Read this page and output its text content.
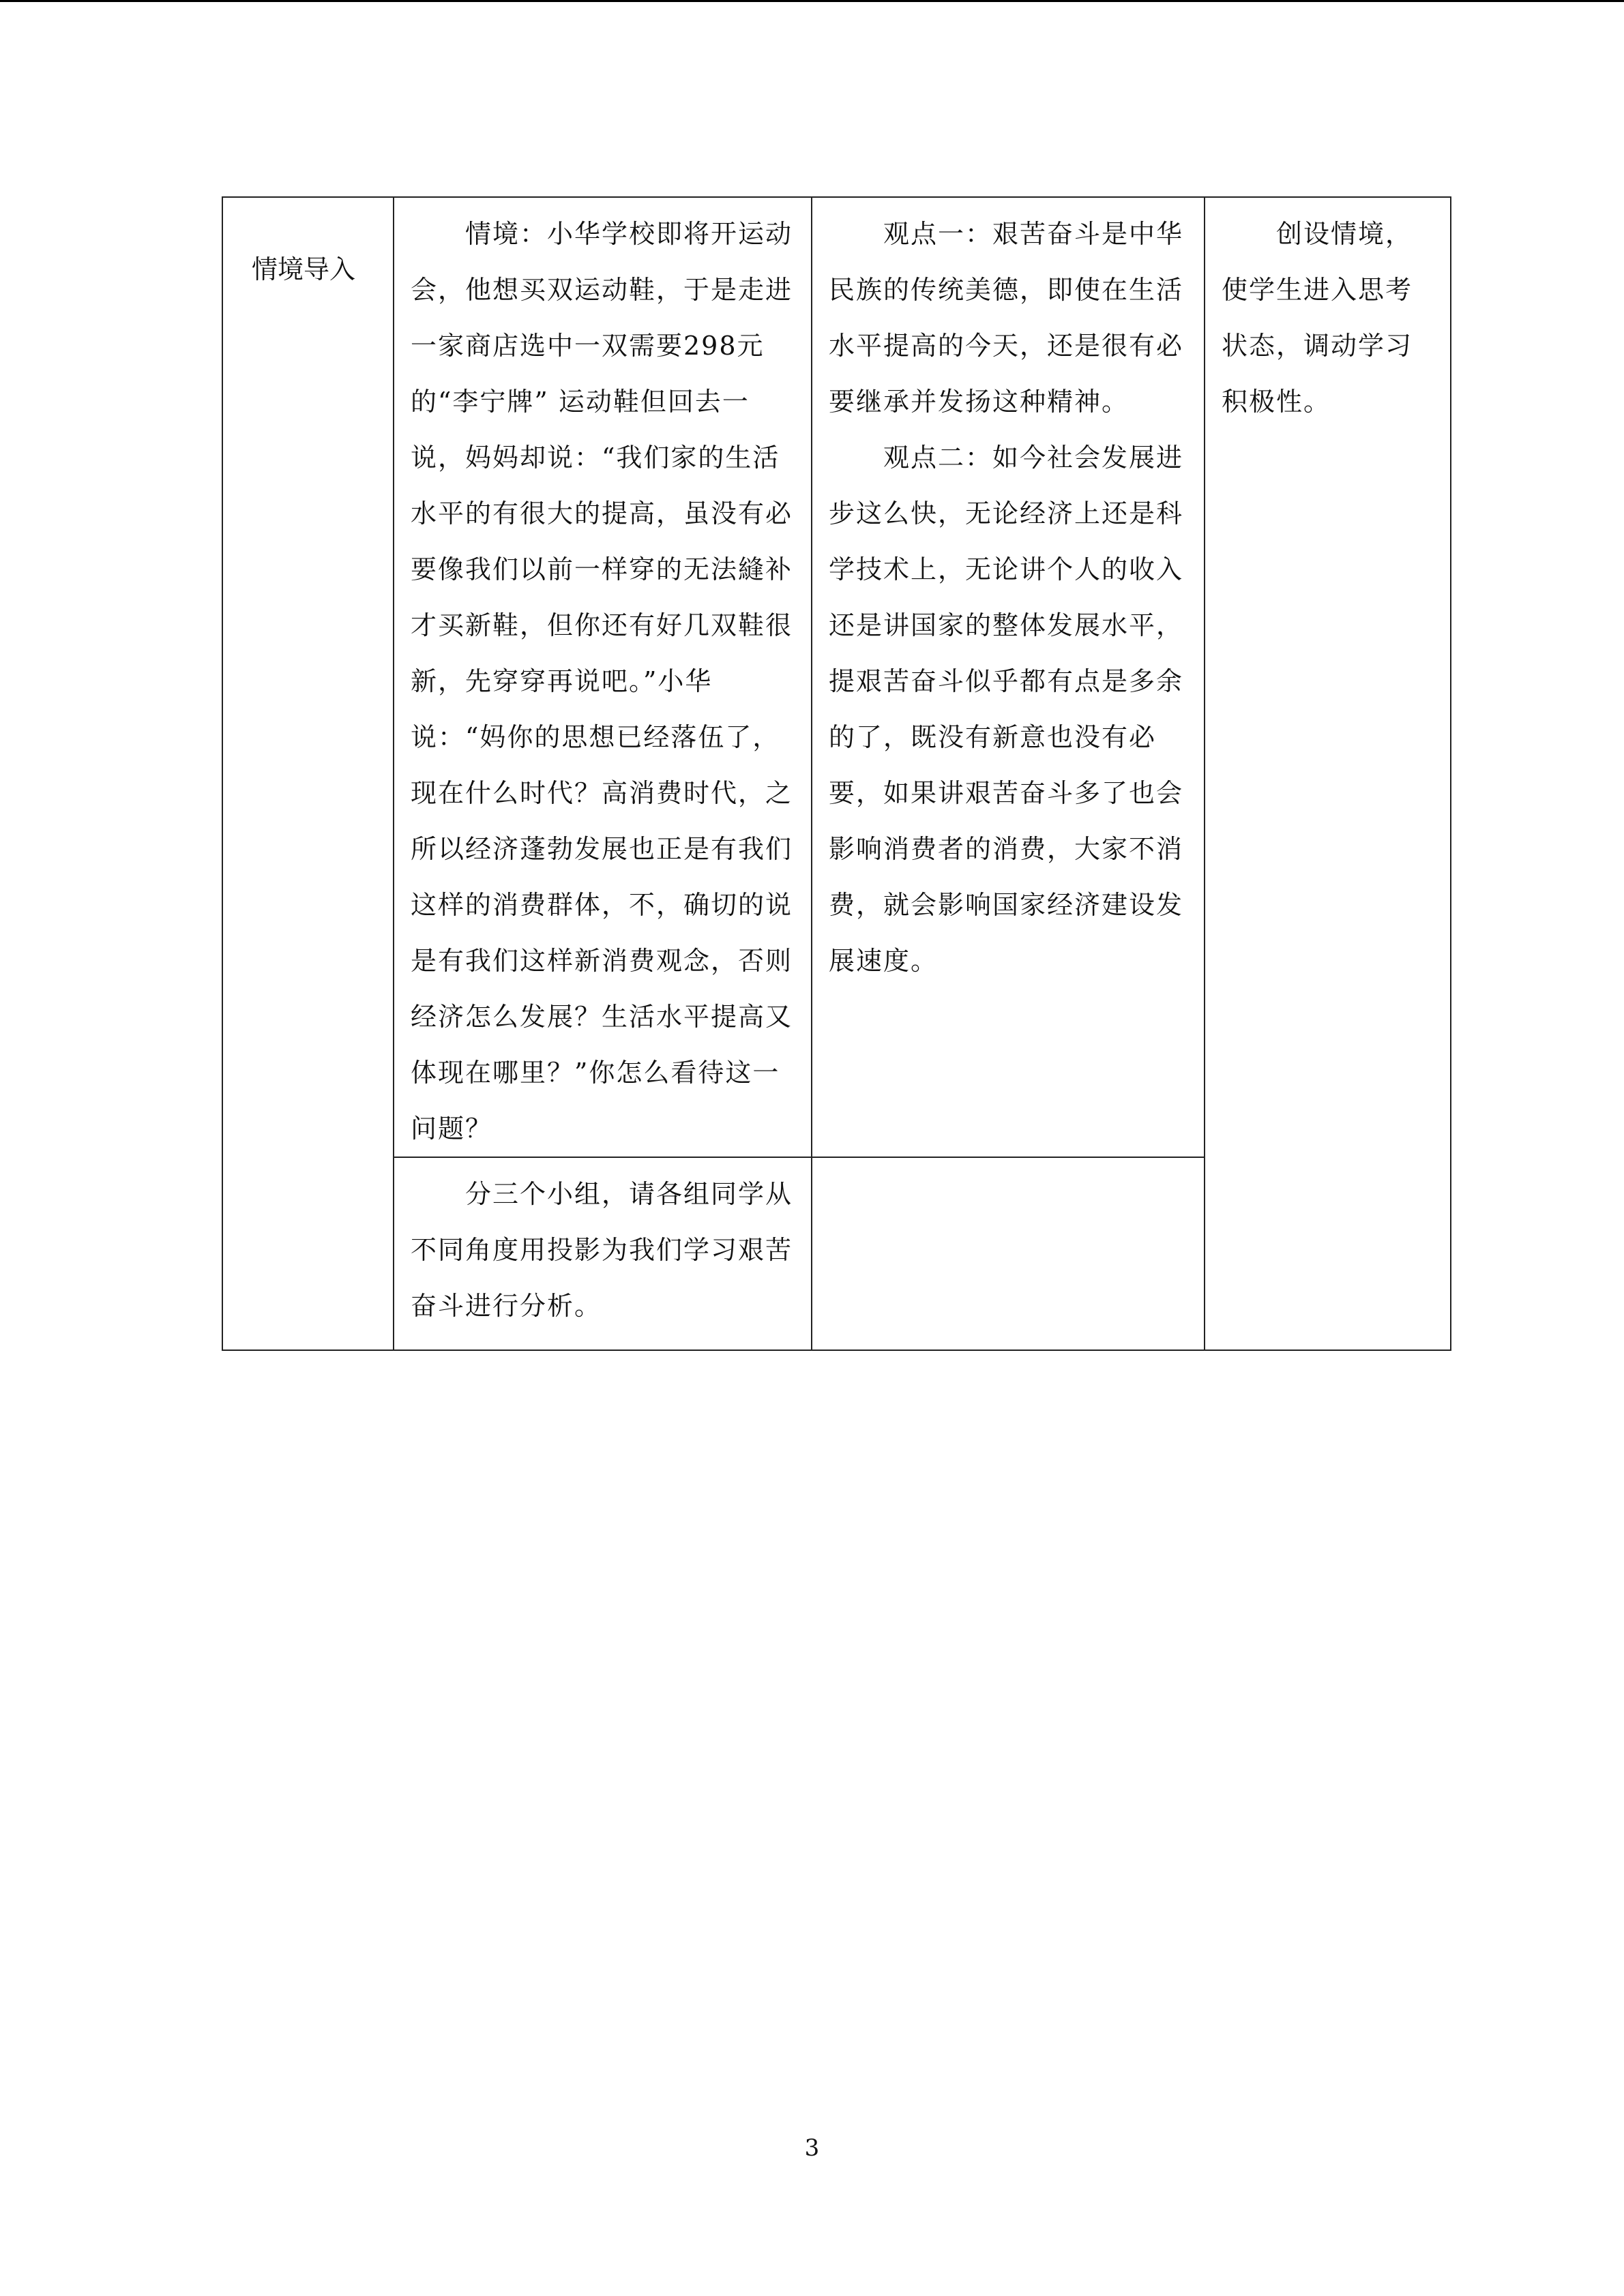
情境导入	情境：小华学校即将开运动会，他想买双运动鞋，于是走进一家商店选中一双需要298元的“李宁牌” 运动鞋但回去一说，妈妈却说：“我们家的生活水平的有很大的提高，虽没有必要像我们以前一样穿的无法縫补才买新鞋，但你还有好几双鞋很新，先穿穿再说吧。”小华说：“妈你的思想已经落伍了，现在什么时代？高消费时代，之所以经济蓬勃发展也正是有我们这样的消费群体，不，确切的说是有我们这样新消费观念，否则经济怎么发展？生活水平提高又体现在哪里？”你怎么看待这一问题？	观点一：艰苦奋斗是中华民族的传统美德，即使在生活水平提高的今天，还是很有必要继承并发扬这种精神。

观点二：如今社会发展进步这么快，无论经济上还是科学技术上，无论讲个人的收入还是讲国家的整体发展水平，提艰苦奋斗似乎都有点是多余的了，既没有新意也没有必要，如果讲艰苦奋斗多了也会影响消费者的消费，大家不消费，就会影响国家经济建设发展速度。	创设情境，使学生进入思考状态，调动学习积极性。

	分三个小组，请各组同学从不同角度用投影为我们学习艰苦奋斗进行分析。		

3
